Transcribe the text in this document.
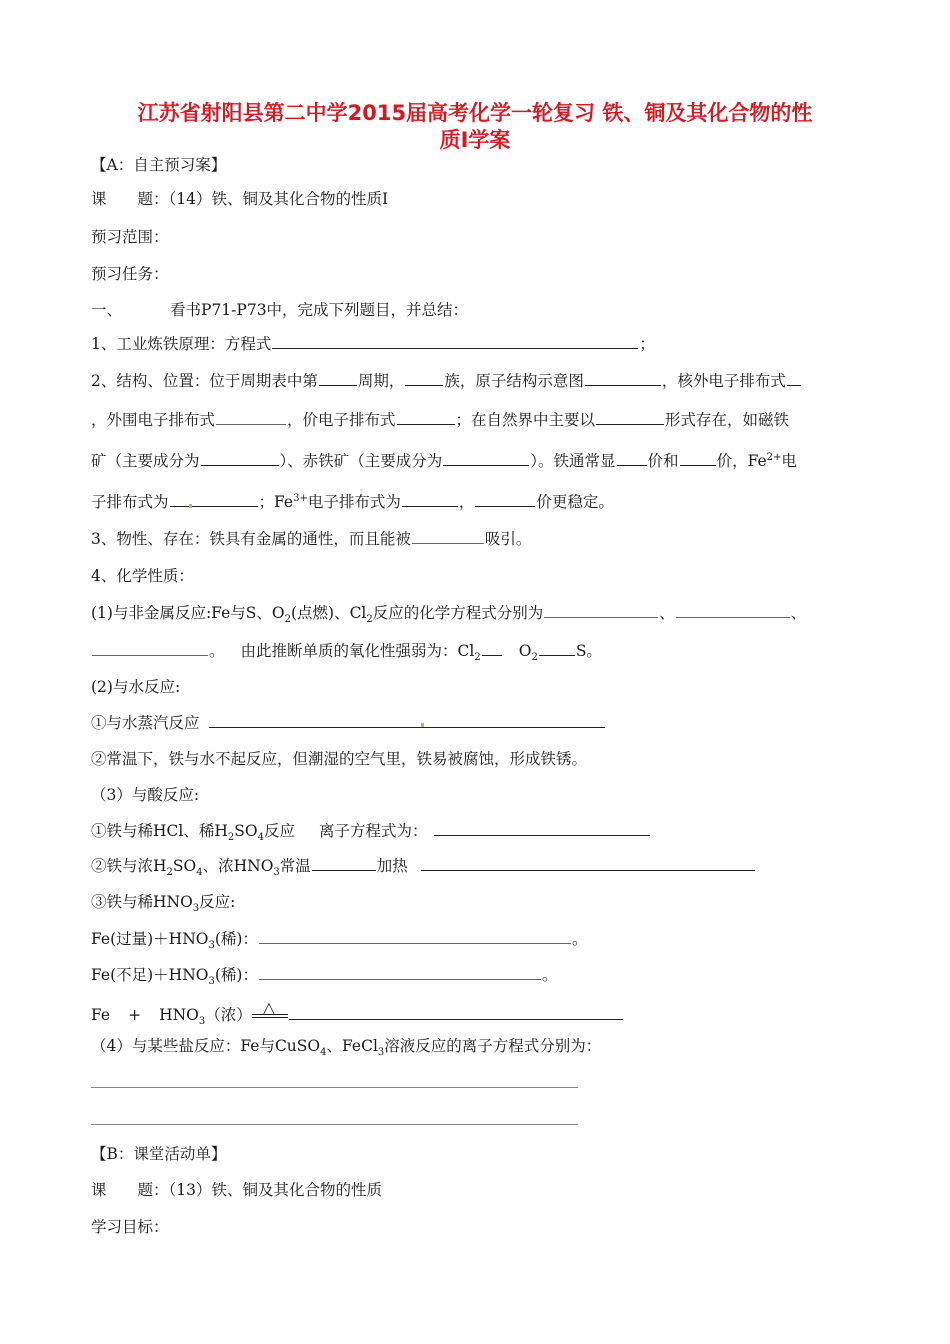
江苏省射阳县第二中学2015届高考化学一轮复习 铁、铜及其化合物的性
质Ⅰ学案
【A：自主预习案】
课　　题：（14）铁、铜及其化合物的性质Ⅰ
预习范围：
预习任务：
一、	看书P71-P73中，完成下列题目，并总结：
1、工业炼铁原理：方程式	；
2、结构、位置：位于周期表中第	周期，	族，原子结构示意图	，核外电子排布式
，外围电子排布式	，价电子排布式	；在自然界中主要以	形式存在，如磁铁
矿（主要成分为	）、赤铁矿（主要成分为	）。铁通常显 价和 价，$Fe^{2+}$电
子排布式为	；$Fe^{3+}$电子排布式为	，	价更稳定。
3、物性、存在：铁具有金属的通性，而且能被	吸引。
4、化学性质：
(1)与非金属反应:Fe与S、$O_2$(点燃)、$Cl_2$反应的化学方程式分别为	、	、
。 由此推断单质的氧化性强弱为：$Cl_2$ $O_2$ S。
(2)与水反应:
①与水蒸汽反应
②常温下，铁与水不起反应，但潮湿的空气里，铁易被腐蚀，形成铁锈。
（3）与酸反应:
①铁与稀HCl、稀$H_2SO_4$反应 离子方程式为：
②铁与浓$H_2SO_4$、浓$HNO_3$常温	加热
③铁与稀$HNO_3$反应:
Fe(过量)$+HNO_3$(稀)：	。
Fe(不足)$+HNO_3$(稀)：	。
$Fe + HNO_3$（浓） △
（4）与某些盐反应：Fe与CuSO$_4$、FeCl$_3$溶液反应的离子方程式分别为：
【B：课堂活动单】
课　　题：（13）铁、铜及其化合物的性质
学习目标：
